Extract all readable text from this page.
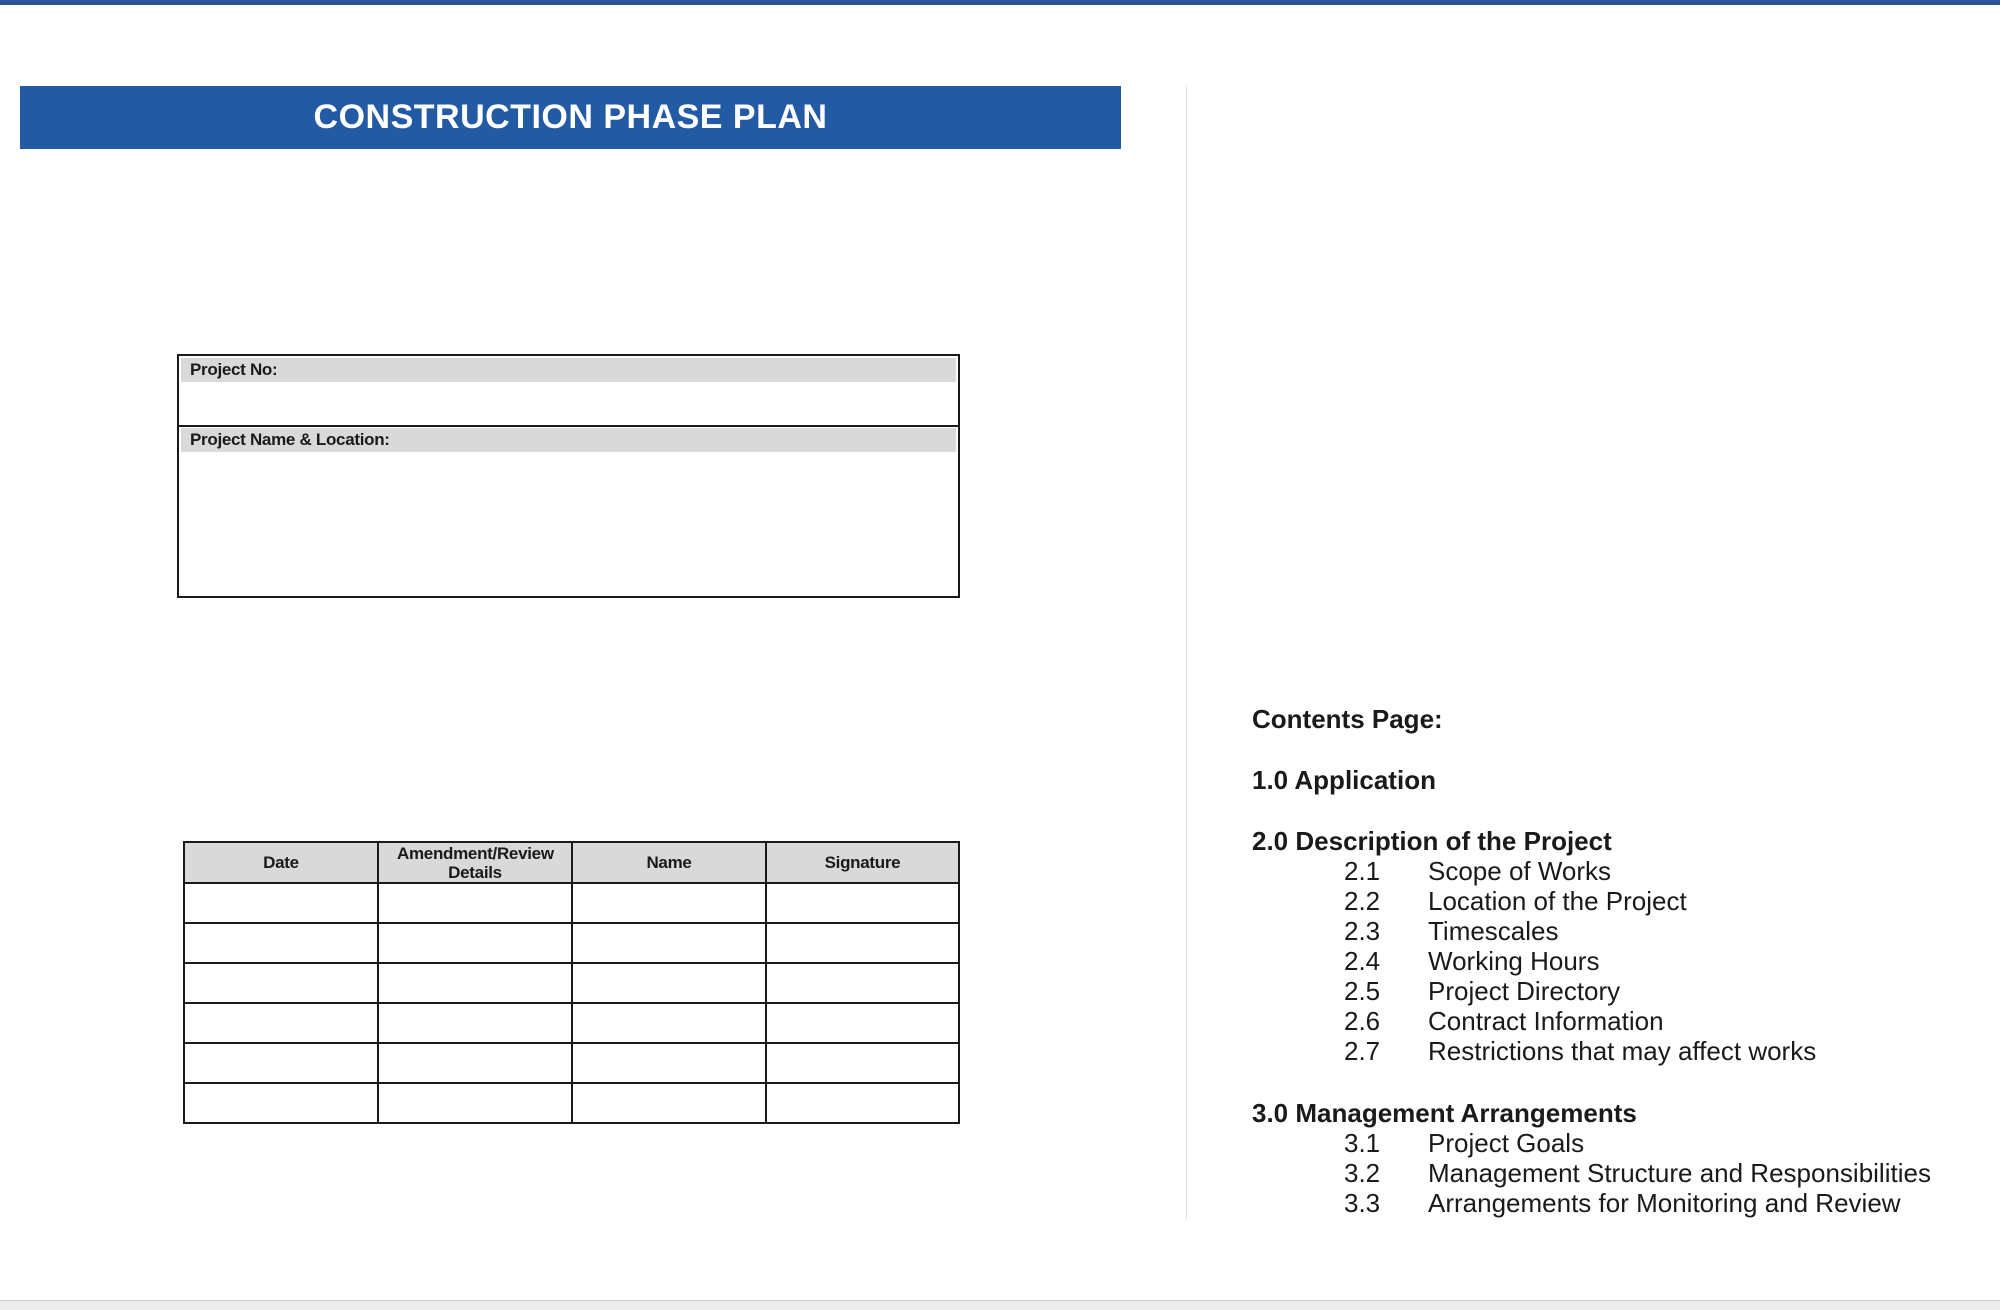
CONSTRUCTION PHASE PLAN
Project No:
Project Name & Location:
Date	Amendment/Review Details	Name	Signature

Contents Page:
1.0 Application
2.0 Description of the Project
2.1 Scope of Works
2.2 Location of the Project
2.3 Timescales
2.4 Working Hours
2.5 Project Directory
2.6 Contract Information
2.7 Restrictions that may affect works
3.0 Management Arrangements
3.1 Project Goals
3.2 Management Structure and Responsibilities
3.3 Arrangements for Monitoring and Review
